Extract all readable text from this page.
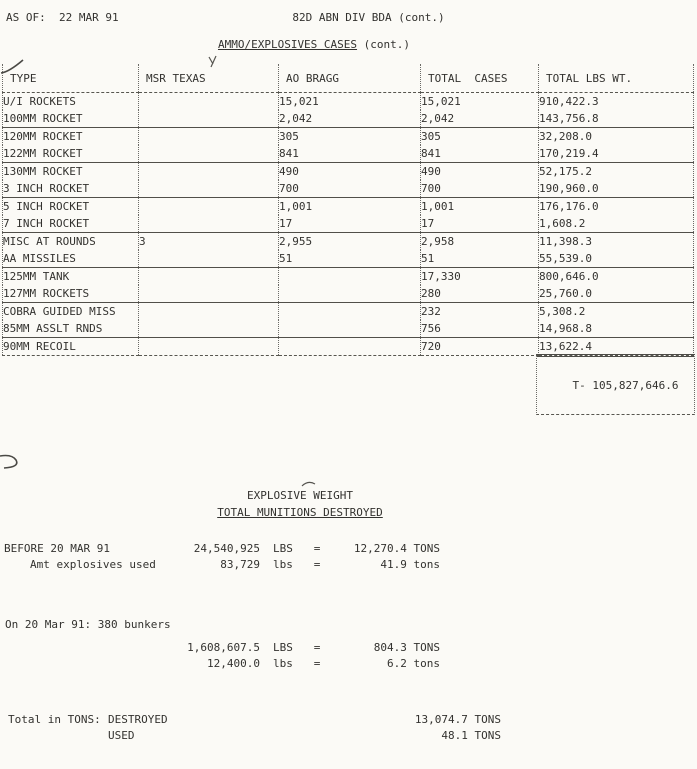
AS OF:  22 MAR 91	82D ABN DIV BDA (cont.)
AMMO/EXPLOSIVES CASES (cont.)
TYPE	MSR TEXAS	AO BRAGG	TOTAL  CASES	TOTAL LBS WT.
U/I ROCKETS		15,021	15,021	910,422.3
100MM ROCKET		2,042	2,042	143,756.8
120MM ROCKET		305	305	32,208.0
122MM ROCKET		841	841	170,219.4
130MM ROCKET		490	490	52,175.2
3 INCH ROCKET		700	700	190,960.0
5 INCH ROCKET		1,001	1,001	176,176.0
7 INCH ROCKET		17	17	1,608.2
MISC AT ROUNDS	3	2,955	2,958	11,398.3
AA MISSILES		51	51	55,539.0
125MM TANK			17,330	800,646.0
127MM ROCKETS			280	25,760.0
COBRA GUIDED MISS			232	5,308.2
85MM ASSLT RNDS			756	14,968.8
90MM RECOIL			720	13,622.4

T- 105,827,646.6

EXPLOSIVE WEIGHT
TOTAL MUNITIONS DESTROYED
BEFORE 20 MAR 91	24,540,925	LBS	=	12,270.4 TONS
Amt explosives used	83,729	lbs	=	41.9 tons
On 20 Mar 91: 380 bunkers
1,608,607.5	LBS	=	804.3 TONS
12,400.0	lbs	=	6.2 tons
Total in TONS: DESTROYED	13,074.7 TONS
USED	48.1 TONS
